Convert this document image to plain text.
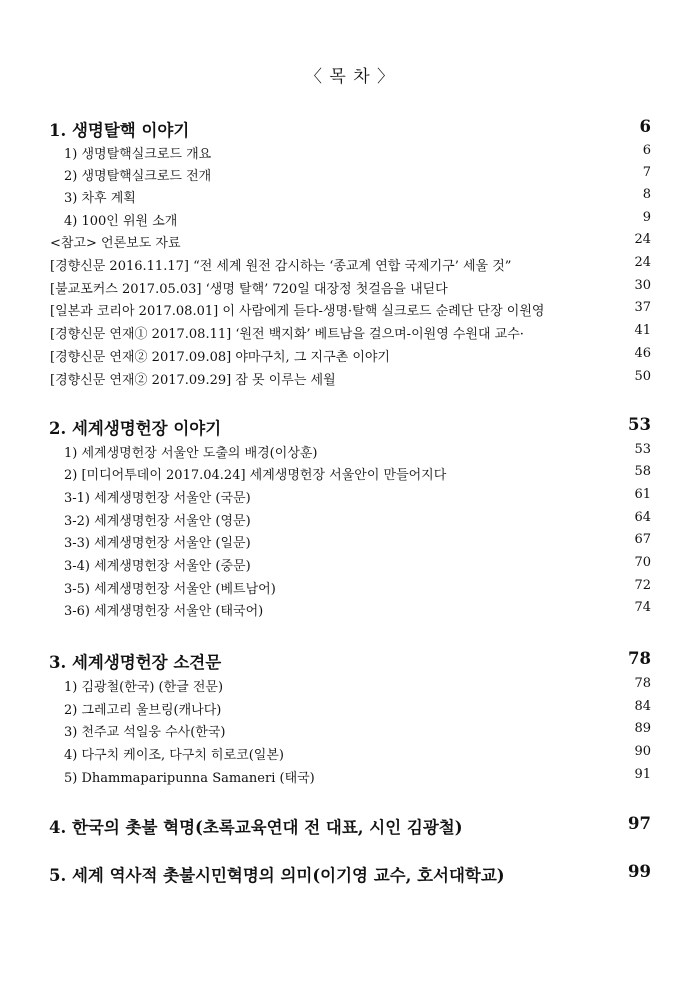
〈 목 차 〉
1. 생명탈핵 이야기	6
1) 생명탈핵실크로드 개요	6
2) 생명탈핵실크로드 전개	7
3) 차후 계획	8
4) 100인 위원 소개	9
<참고> 언론보도 자료	24
[경향신문 2016.11.17] “전 세계 원전 감시하는 ‘종교계 연합 국제기구’ 세울 것”	24
[불교포커스 2017.05.03] ‘생명 탈핵’ 720일 대장정 첫걸음을 내딛다	30
[일본과 코리아 2017.08.01] 이 사람에게 듣다-생명·탈핵 실크로드 순례단 단장 이원영	37
[경향신문 연재① 2017.08.11] ‘원전 백지화’ 베트남을 걸으며-이원영 수원대 교수·	41
[경향신문 연재② 2017.09.08] 야마구치, 그 지구촌 이야기	46
[경향신문 연재② 2017.09.29] 잠 못 이루는 세월	50
2. 세계생명헌장 이야기	53
1) 세계생명헌장 서울안 도출의 배경(이상훈)	53
2) [미디어투데이 2017.04.24] 세계생명헌장 서울안이 만들어지다	58
3-1) 세계생명헌장 서울안 (국문)	61
3-2) 세계생명헌장 서울안 (영문)	64
3-3) 세계생명헌장 서울안 (일문)	67
3-4) 세계생명헌장 서울안 (중문)	70
3-5) 세계생명헌장 서울안 (베트남어)	72
3-6) 세계생명헌장 서울안 (태국어)	74
3. 세계생명헌장 소견문	78
1) 김광철(한국) (한글 전문)	78
2) 그레고리 울브링(캐나다)	84
3) 천주교 석일웅 수사(한국)	89
4) 다구치 케이조, 다구치 히로코(일본)	90
5) Dhammaparipunna Samaneri (태국)	91
4. 한국의 촛불 혁명(초록교육연대 전 대표, 시인 김광철)	97
5. 세계 역사적 촛불시민혁명의 의미(이기영 교수, 호서대학교)	99
